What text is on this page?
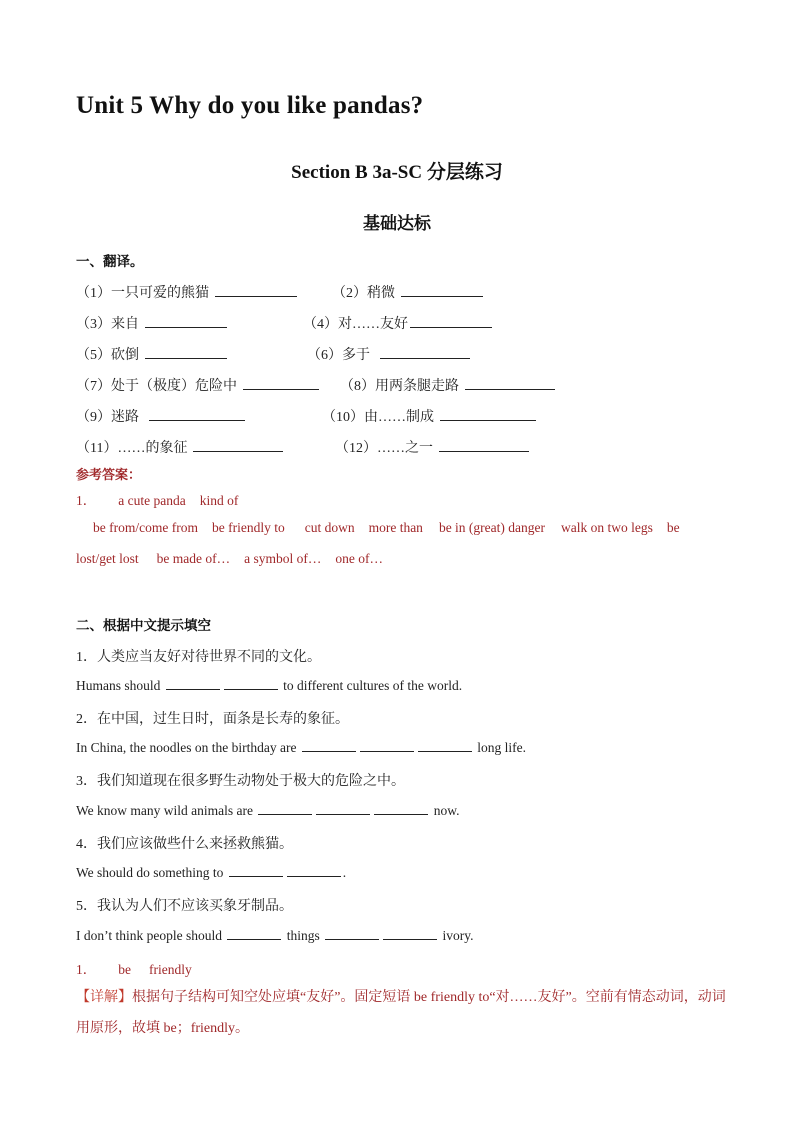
Unit 5 Why do you like pandas?
Section B 3a-SC 分层练习
基础达标
一、翻译。
（1）一只可爱的熊猫	（2）稍微
（3）来自	（4）对……友好
（5）砍倒	（6）多于
（7）处于（极度）危险中	（8）用两条腿走路
（9）迷路	（10）由……制成
（11）……的象征	（12）……之一
参考答案：
1． a cute panda kind of
be from/come from be friendly to cut down more than be in (great) danger walk on two legs be
lost/get lost be made of… a symbol of… one of…
二、根据中文提示填空
1．人类应当友好对待世界不同的文化。
Humans should	to different cultures of the world.
2．在中国，过生日时，面条是长寿的象征。
In China, the noodles on the birthday are	long life.
3．我们知道现在很多野生动物处于极大的危险之中。
We know many wild animals are	now.
4．我们应该做些什么来拯救熊猫。
We should do something to	.
5．我认为人们不应该买象牙制品。
I don’t think people should	things	ivory.
1． be friendly
【详解】根据句子结构可知空处应填“友好”。固定短语 be friendly to“对……友好”。空前有情态动词，动词用原形，故填 be；friendly。
